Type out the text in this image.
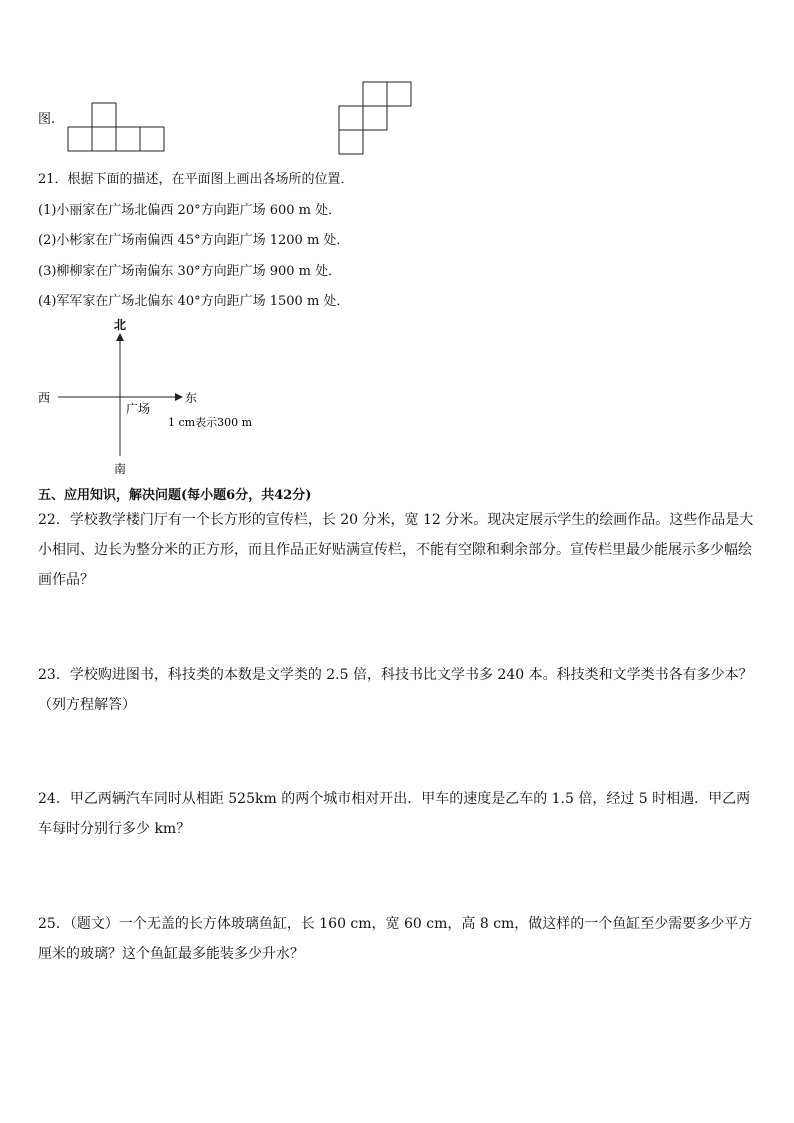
图.
21．根据下面的描述，在平面图上画出各场所的位置．
(1)小丽家在广场北偏西 20°方向距广场 600 m 处．
(2)小彬家在广场南偏西 45°方向距广场 1200 m 处．
(3)柳柳家在广场南偏东 30°方向距广场 900 m 处．
(4)军军家在广场北偏东 40°方向距广场 1500 m 处．
北
南
西	东
广场
1 cm表示300 m
五、应用知识，解决问题(每小题6分，共42分)
22．学校教学楼门厅有一个长方形的宣传栏，长 20 分米，宽 12 分米。现决定展示学生的绘画作品。这些作品是大小相同、边长为整分米的正方形，而且作品正好贴满宣传栏，不能有空隙和剩余部分。宣传栏里最少能展示多少幅绘画作品？
23．学校购进图书，科技类的本数是文学类的 2.5 倍，科技书比文学书多 240 本。科技类和文学类书各有多少本？（列方程解答）
24．甲乙两辆汽车同时从相距 525km 的两个城市相对开出．甲车的速度是乙车的 1.5 倍，经过 5 时相遇．甲乙两车每时分别行多少 km？
25．（题文）一个无盖的长方体玻璃鱼缸，长 160 cm，宽 60 cm，高 8 cm，做这样的一个鱼缸至少需要多少平方厘米的玻璃？这个鱼缸最多能装多少升水？
